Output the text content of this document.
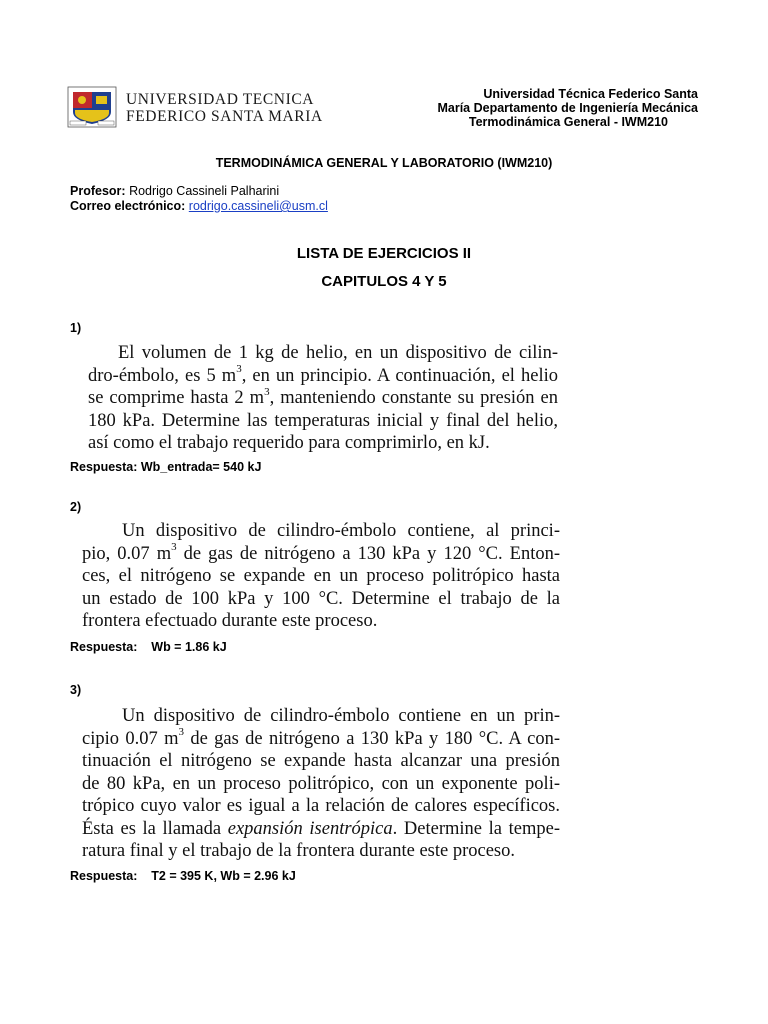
UNIVERSIDAD TECNICA
FEDERICO SANTA MARIA
Universidad Técnica Federico Santa
María Departamento de Ingeniería Mecánica
Termodinámica General - IWM210
TERMODINÁMICA GENERAL Y LABORATORIO (IWM210)
Profesor: Rodrigo Cassineli Palharini
Correo electrónico: rodrigo.cassineli@usm.cl
LISTA DE EJERCICIOS II
CAPITULOS 4 Y 5
1)
El volumen de 1 kg de helio, en un dispositivo de cilin-
dro-émbolo, es 5 $m^3$, en un principio. A continuación, el helio
se comprime hasta 2 $m^3$, manteniendo constante su presión en
180 kPa. Determine las temperaturas inicial y final del helio,
así como el trabajo requerido para comprimirlo, en kJ.
Respuesta: Wb_entrada= 540 kJ
2)
Un dispositivo de cilindro-émbolo contiene, al princi-
pio, 0.07 $m^3$ de gas de nitrógeno a 130 kPa y 120 °C. Enton-
ces, el nitrógeno se expande en un proceso politrópico hasta
un estado de 100 kPa y 100 °C. Determine el trabajo de la
frontera efectuado durante este proceso.
Respuesta:    Wb = 1.86 kJ
3)
Un dispositivo de cilindro-émbolo contiene en un prin-
cipio 0.07 $m^3$ de gas de nitrógeno a 130 kPa y 180 °C. A con-
tinuación el nitrógeno se expande hasta alcanzar una presión
de 80 kPa, en un proceso politrópico, con un exponente poli-
trópico cuyo valor es igual a la relación de calores específicos.
Ésta es la llamada expansión isentrópica. Determine la tempe-
ratura final y el trabajo de la frontera durante este proceso.
Respuesta:    T2 = 395 K, Wb = 2.96 kJ
